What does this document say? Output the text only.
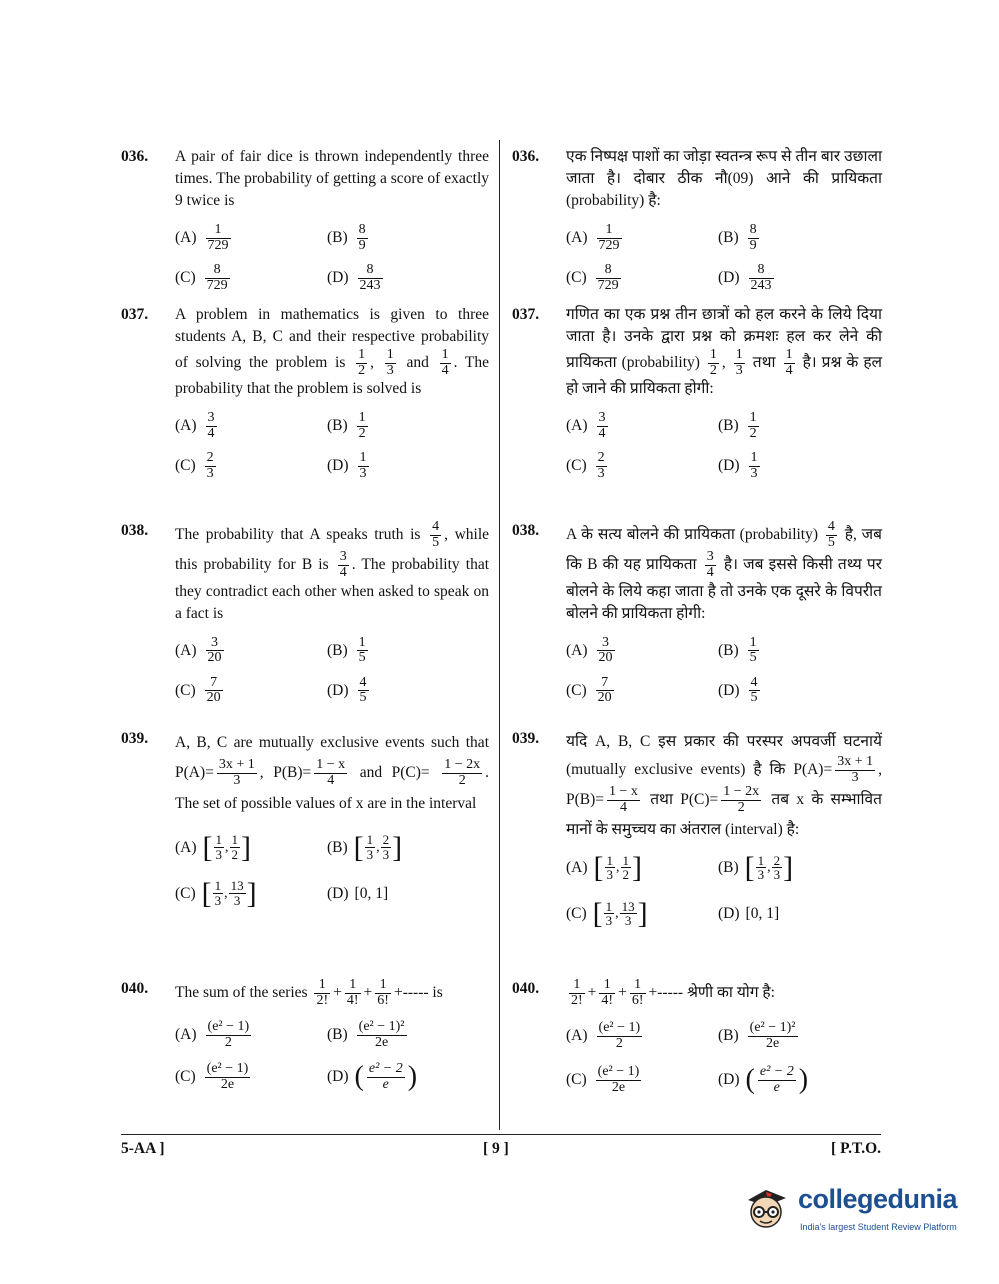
036. A pair of fair dice is thrown independently three times. The probability of getting a score of exactly 9 twice is
$(A) \frac{1}{729}$	$(B) \frac{8}{9}$
$(C) \frac{8}{729}$	$(D) \frac{8}{243}$
037. A problem in mathematics is given to three students A, B, C and their respective probability of solving the problem is $\frac{1}{2}$ , $\frac{1}{3}$ and $\frac{1}{4}$ . The probability that the problem is solved is
$(A) \frac{3}{4}$	$(B) \frac{1}{2}$
$(C) \frac{2}{3}$	$(D) \frac{1}{3}$
038. The probability that A speaks truth is $\frac{4}{5}$ , while this probability for B is $\frac{3}{4}$ . The probability that they contradict each other when asked to speak on a fact is
$(A) \frac{3}{20}$	$(B) \frac{1}{5}$
$(C) \frac{7}{20}$	$(D) \frac{4}{5}$
039. A, B, C are mutually exclusive events such that $P(A)= \frac{3x + 1}{3}$ , $P(B)= \frac{1 - x}{4}$ and $P(C)= \frac{1 - 2x}{2}$ . The set of possible values of x are in the interval
(A) [ $\frac{1}{3}$ , $\frac{1}{2}$ ]	(B) [ $\frac{1}{3}$ , $\frac{2}{3}$ ]
(C) [ $\frac{1}{3}$ , $\frac{13}{3}$ ]	(D) [0, 1]
040. The sum of the series $\frac{1}{2!} + \frac{1}{4!} + \frac{1}{6!}$ +----- is
$(A) \frac{\text{(e² − 1)}}{2}$	$(B) \frac{\text{(e² − 1)²}}{2e}$
$(C) \frac{\text{(e² − 1)}}{2e}$	(D) ( $\frac{\text{e² − 2}}{e}$ )
036. एक निष्पक्ष पाशों का जोड़ा स्वतन्त्र रूप से तीन बार उछाला जाता है। दोबार ठीक नौ(09) आने की प्रायिकता (probability) है:
$(A) \frac{1}{729}$	$(B) \frac{8}{9}$
$(C) \frac{8}{729}$	$(D) \frac{8}{243}$
037. गणित का एक प्रश्न तीन छात्रों को हल करने के लिये दिया जाता है। उनके द्वारा प्रश्न को क्रमशः हल कर लेने की प्रायिकता (probability) $\frac{1}{2}$ , $\frac{1}{3}$ तथा $\frac{1}{4}$ है। प्रश्न के हल हो जाने की प्रायिकता होगी:
$(A) \frac{3}{4}$	$(B) \frac{1}{2}$
$(C) \frac{2}{3}$	$(D) \frac{1}{3}$
038. A के सत्य बोलने की प्रायिकता (probability) $\frac{4}{5}$ है, जब कि B की यह प्रायिकता $\frac{3}{4}$ है। जब इससे किसी तथ्य पर बोलने के लिये कहा जाता है तो उनके एक दूसरे के विपरीत बोलने की प्रायिकता होगी:
$(A) \frac{3}{20}$	$(B) \frac{1}{5}$
$(C) \frac{7}{20}$	$(D) \frac{4}{5}$
039. यदि A, B, C इस प्रकार की परस्पर अपवर्जी घटनायें (mutually exclusive events) है कि $P(A)= \frac{3x + 1}{3}$ , $P(B)= \frac{1 - x}{4}$ तथा $P(C)= \frac{1 - 2x}{2}$ तब x के सम्भावित मानों के समुच्चय का अंतराल (interval) है:
(A) [ $\frac{1}{3}$ , $\frac{1}{2}$ ]	(B) [ $\frac{1}{3}$ , $\frac{2}{3}$ ]
(C) [ $\frac{1}{3}$ , $\frac{13}{3}$ ]	(D) [0, 1]
040. $\frac{1}{2!} + \frac{1}{4!} + \frac{1}{6!}$ +----- श्रेणी का योग है:
$(A) \frac{\text{(e² − 1)}}{2}$	$(B) \frac{\text{(e² − 1)²}}{2e}$
$(C) \frac{\text{(e² − 1)}}{2e}$	(D) ( $\frac{\text{e² − 2}}{e}$ )
5-AA ]	[ 9 ]	[ P.T.O.
collegedunia
India's largest Student Review Platform
